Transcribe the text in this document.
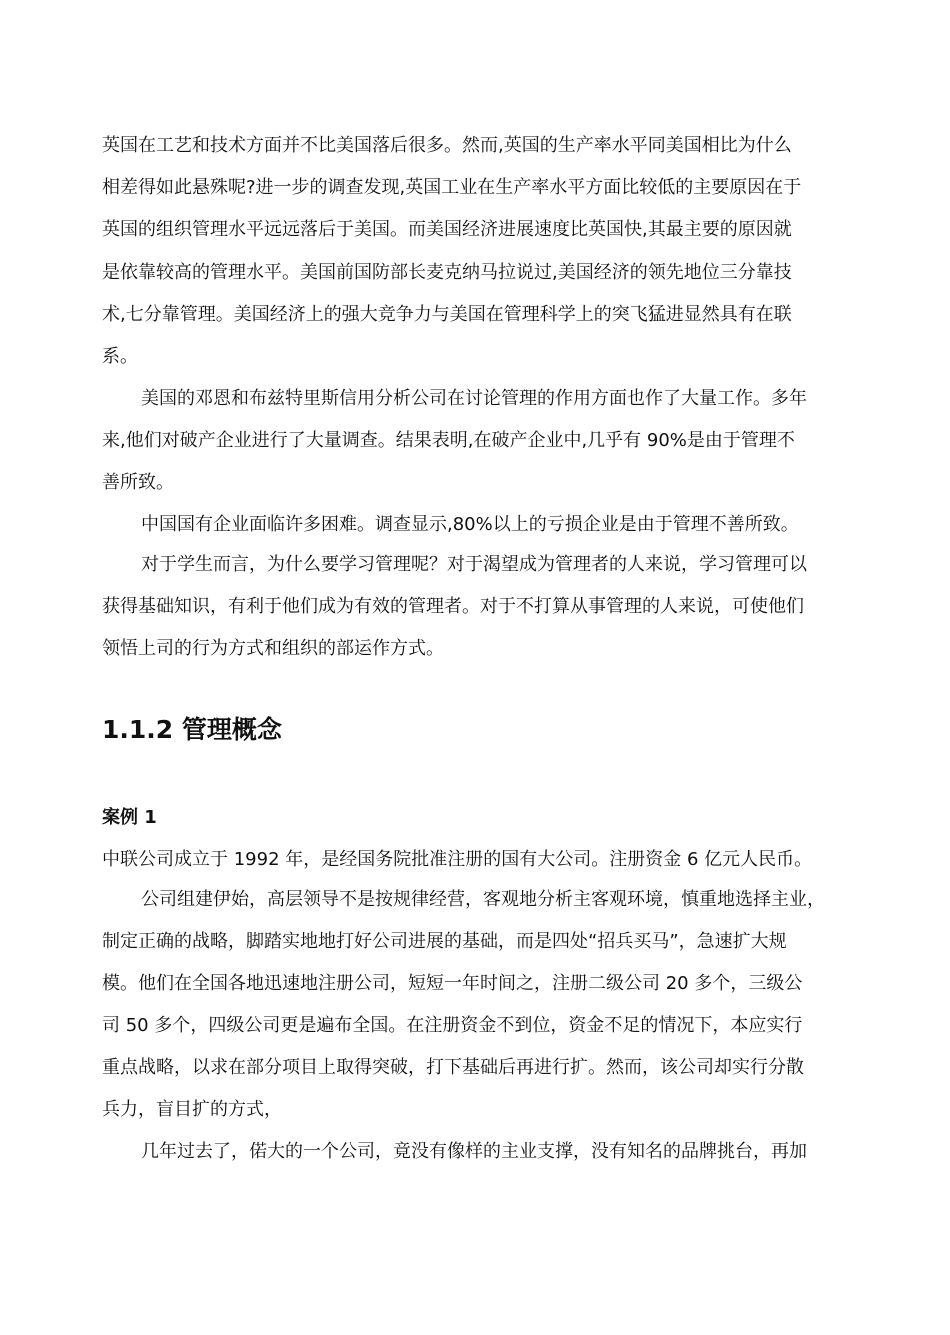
英国在工艺和技术方面并不比美国落后很多。然而,英国的生产率水平同美国相比为什么
相差得如此悬殊呢?进一步的调查发现,英国工业在生产率水平方面比较低的主要原因在于
英国的组织管理水平远远落后于美国。而美国经济进展速度比英国快,其最主要的原因就
是依靠较高的管理水平。美国前国防部长麦克纳马拉说过,美国经济的领先地位三分靠技
术,七分靠管理。美国经济上的强大竞争力与美国在管理科学上的突飞猛进显然具有在联
系。
美国的邓恩和布兹特里斯信用分析公司在讨论管理的作用方面也作了大量工作。多年
来,他们对破产企业进行了大量调查。结果表明,在破产企业中,几乎有 90%是由于管理不
善所致。
中国国有企业面临许多困难。调查显示,80%以上的亏损企业是由于管理不善所致。
对于学生而言，为什么要学习管理呢？对于渴望成为管理者的人来说，学习管理可以
获得基础知识，有利于他们成为有效的管理者。对于不打算从事管理的人来说，可使他们
领悟上司的行为方式和组织的部运作方式。
1.1.2 管理概念
案例 1
中联公司成立于 1992 年，是经国务院批准注册的国有大公司。注册资金 6 亿元人民币。
公司组建伊始，高层领导不是按规律经营，客观地分析主客观环境，慎重地选择主业，
制定正确的战略，脚踏实地地打好公司进展的基础，而是四处“招兵买马”，急速扩大规
模。他们在全国各地迅速地注册公司，短短一年时间之，注册二级公司 20 多个，三级公
司 50 多个，四级公司更是遍布全国。在注册资金不到位，资金不足的情况下，本应实行
重点战略，以求在部分项目上取得突破，打下基础后再进行扩。然而，该公司却实行分散
兵力，盲目扩的方式，
几年过去了，偌大的一个公司，竟没有像样的主业支撑，没有知名的品牌挑台，再加
